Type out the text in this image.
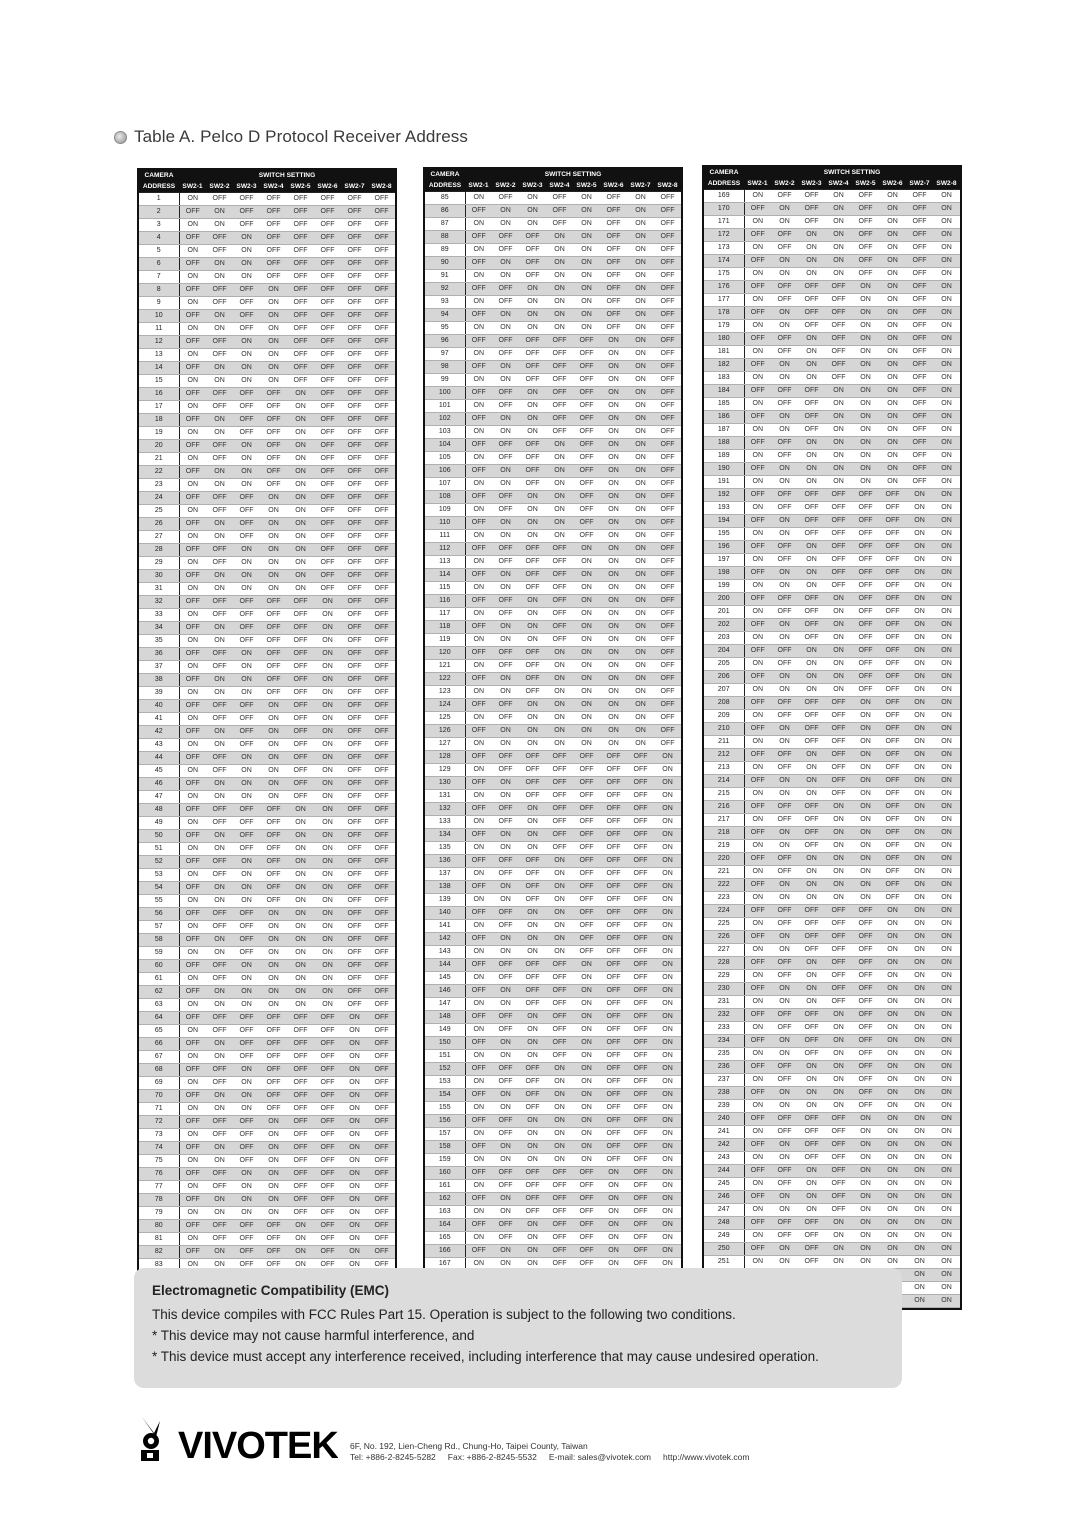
Table A. Pelco D Protocol Receiver Address
CAMERA	SWITCH SETTING							
ADDRESS	SW2-1	SW2-2	SW2-3	SW2-4	SW2-5	SW2-6	SW2-7	SW2-8
1	ON	OFF	OFF	OFF	OFF	OFF	OFF	OFF
2	OFF	ON	OFF	OFF	OFF	OFF	OFF	OFF
3	ON	ON	OFF	OFF	OFF	OFF	OFF	OFF
4	OFF	OFF	ON	OFF	OFF	OFF	OFF	OFF
5	ON	OFF	ON	OFF	OFF	OFF	OFF	OFF
6	OFF	ON	ON	OFF	OFF	OFF	OFF	OFF
7	ON	ON	ON	OFF	OFF	OFF	OFF	OFF
8	OFF	OFF	OFF	ON	OFF	OFF	OFF	OFF
9	ON	OFF	OFF	ON	OFF	OFF	OFF	OFF
10	OFF	ON	OFF	ON	OFF	OFF	OFF	OFF
11	ON	ON	OFF	ON	OFF	OFF	OFF	OFF
12	OFF	OFF	ON	ON	OFF	OFF	OFF	OFF
13	ON	OFF	ON	ON	OFF	OFF	OFF	OFF
14	OFF	ON	ON	ON	OFF	OFF	OFF	OFF
15	ON	ON	ON	ON	OFF	OFF	OFF	OFF
16	OFF	OFF	OFF	OFF	ON	OFF	OFF	OFF
17	ON	OFF	OFF	OFF	ON	OFF	OFF	OFF
18	OFF	ON	OFF	OFF	ON	OFF	OFF	OFF
19	ON	ON	OFF	OFF	ON	OFF	OFF	OFF
20	OFF	OFF	ON	OFF	ON	OFF	OFF	OFF
21	ON	OFF	ON	OFF	ON	OFF	OFF	OFF
22	OFF	ON	ON	OFF	ON	OFF	OFF	OFF
23	ON	ON	ON	OFF	ON	OFF	OFF	OFF
24	OFF	OFF	OFF	ON	ON	OFF	OFF	OFF
25	ON	OFF	OFF	ON	ON	OFF	OFF	OFF
26	OFF	ON	OFF	ON	ON	OFF	OFF	OFF
27	ON	ON	OFF	ON	ON	OFF	OFF	OFF
28	OFF	OFF	ON	ON	ON	OFF	OFF	OFF
29	ON	OFF	ON	ON	ON	OFF	OFF	OFF
30	OFF	ON	ON	ON	ON	OFF	OFF	OFF
31	ON	ON	ON	ON	ON	OFF	OFF	OFF
32	OFF	OFF	OFF	OFF	OFF	ON	OFF	OFF
33	ON	OFF	OFF	OFF	OFF	ON	OFF	OFF
34	OFF	ON	OFF	OFF	OFF	ON	OFF	OFF
35	ON	ON	OFF	OFF	OFF	ON	OFF	OFF
36	OFF	OFF	ON	OFF	OFF	ON	OFF	OFF
37	ON	OFF	ON	OFF	OFF	ON	OFF	OFF
38	OFF	ON	ON	OFF	OFF	ON	OFF	OFF
39	ON	ON	ON	OFF	OFF	ON	OFF	OFF
40	OFF	OFF	OFF	ON	OFF	ON	OFF	OFF
41	ON	OFF	OFF	ON	OFF	ON	OFF	OFF
42	OFF	ON	OFF	ON	OFF	ON	OFF	OFF
43	ON	ON	OFF	ON	OFF	ON	OFF	OFF
44	OFF	OFF	ON	ON	OFF	ON	OFF	OFF
45	ON	OFF	ON	ON	OFF	ON	OFF	OFF
46	OFF	ON	ON	ON	OFF	ON	OFF	OFF
47	ON	ON	ON	ON	OFF	ON	OFF	OFF
48	OFF	OFF	OFF	OFF	ON	ON	OFF	OFF
49	ON	OFF	OFF	OFF	ON	ON	OFF	OFF
50	OFF	ON	OFF	OFF	ON	ON	OFF	OFF
51	ON	ON	OFF	OFF	ON	ON	OFF	OFF
52	OFF	OFF	ON	OFF	ON	ON	OFF	OFF
53	ON	OFF	ON	OFF	ON	ON	OFF	OFF
54	OFF	ON	ON	OFF	ON	ON	OFF	OFF
55	ON	ON	ON	OFF	ON	ON	OFF	OFF
56	OFF	OFF	OFF	ON	ON	ON	OFF	OFF
57	ON	OFF	OFF	ON	ON	ON	OFF	OFF
58	OFF	ON	OFF	ON	ON	ON	OFF	OFF
59	ON	ON	OFF	ON	ON	ON	OFF	OFF
60	OFF	OFF	ON	ON	ON	ON	OFF	OFF
61	ON	OFF	ON	ON	ON	ON	OFF	OFF
62	OFF	ON	ON	ON	ON	ON	OFF	OFF
63	ON	ON	ON	ON	ON	ON	OFF	OFF
64	OFF	OFF	OFF	OFF	OFF	OFF	ON	OFF
65	ON	OFF	OFF	OFF	OFF	OFF	ON	OFF
66	OFF	ON	OFF	OFF	OFF	OFF	ON	OFF
67	ON	ON	OFF	OFF	OFF	OFF	ON	OFF
68	OFF	OFF	ON	OFF	OFF	OFF	ON	OFF
69	ON	OFF	ON	OFF	OFF	OFF	ON	OFF
70	OFF	ON	ON	OFF	OFF	OFF	ON	OFF
71	ON	ON	ON	OFF	OFF	OFF	ON	OFF
72	OFF	OFF	OFF	ON	OFF	OFF	ON	OFF
73	ON	OFF	OFF	ON	OFF	OFF	ON	OFF
74	OFF	ON	OFF	ON	OFF	OFF	ON	OFF
75	ON	ON	OFF	ON	OFF	OFF	ON	OFF
76	OFF	OFF	ON	ON	OFF	OFF	ON	OFF
77	ON	OFF	ON	ON	OFF	OFF	ON	OFF
78	OFF	ON	ON	ON	OFF	OFF	ON	OFF
79	ON	ON	ON	ON	OFF	OFF	ON	OFF
80	OFF	OFF	OFF	OFF	ON	OFF	ON	OFF
81	ON	OFF	OFF	OFF	ON	OFF	ON	OFF
82	OFF	ON	OFF	OFF	ON	OFF	ON	OFF
83	ON	ON	OFF	OFF	ON	OFF	ON	OFF

CAMERA	SWITCH SETTING							
ADDRESS	SW2-1	SW2-2	SW2-3	SW2-4	SW2-5	SW2-6	SW2-7	SW2-8
85	ON	OFF	ON	OFF	ON	OFF	ON	OFF
86	OFF	ON	ON	OFF	ON	OFF	ON	OFF
87	ON	ON	ON	OFF	ON	OFF	ON	OFF
88	OFF	OFF	OFF	ON	ON	OFF	ON	OFF
89	ON	OFF	OFF	ON	ON	OFF	ON	OFF
90	OFF	ON	OFF	ON	ON	OFF	ON	OFF
91	ON	ON	OFF	ON	ON	OFF	ON	OFF
92	OFF	OFF	ON	ON	ON	OFF	ON	OFF
93	ON	OFF	ON	ON	ON	OFF	ON	OFF
94	OFF	ON	ON	ON	ON	OFF	ON	OFF
95	ON	ON	ON	ON	ON	OFF	ON	OFF
96	OFF	OFF	OFF	OFF	OFF	ON	ON	OFF
97	ON	OFF	OFF	OFF	OFF	ON	ON	OFF
98	OFF	ON	OFF	OFF	OFF	ON	ON	OFF
99	ON	ON	OFF	OFF	OFF	ON	ON	OFF
100	OFF	OFF	ON	OFF	OFF	ON	ON	OFF
101	ON	OFF	ON	OFF	OFF	ON	ON	OFF
102	OFF	ON	ON	OFF	OFF	ON	ON	OFF
103	ON	ON	ON	OFF	OFF	ON	ON	OFF
104	OFF	OFF	OFF	ON	OFF	ON	ON	OFF
105	ON	OFF	OFF	ON	OFF	ON	ON	OFF
106	OFF	ON	OFF	ON	OFF	ON	ON	OFF
107	ON	ON	OFF	ON	OFF	ON	ON	OFF
108	OFF	OFF	ON	ON	OFF	ON	ON	OFF
109	ON	OFF	ON	ON	OFF	ON	ON	OFF
110	OFF	ON	ON	ON	OFF	ON	ON	OFF
111	ON	ON	ON	ON	OFF	ON	ON	OFF
112	OFF	OFF	OFF	OFF	ON	ON	ON	OFF
113	ON	OFF	OFF	OFF	ON	ON	ON	OFF
114	OFF	ON	OFF	OFF	ON	ON	ON	OFF
115	ON	ON	OFF	OFF	ON	ON	ON	OFF
116	OFF	OFF	ON	OFF	ON	ON	ON	OFF
117	ON	OFF	ON	OFF	ON	ON	ON	OFF
118	OFF	ON	ON	OFF	ON	ON	ON	OFF
119	ON	ON	ON	OFF	ON	ON	ON	OFF
120	OFF	OFF	OFF	ON	ON	ON	ON	OFF
121	ON	OFF	OFF	ON	ON	ON	ON	OFF
122	OFF	ON	OFF	ON	ON	ON	ON	OFF
123	ON	ON	OFF	ON	ON	ON	ON	OFF
124	OFF	OFF	ON	ON	ON	ON	ON	OFF
125	ON	OFF	ON	ON	ON	ON	ON	OFF
126	OFF	ON	ON	ON	ON	ON	ON	OFF
127	ON	ON	ON	ON	ON	ON	ON	OFF
128	OFF	OFF	OFF	OFF	OFF	OFF	OFF	ON
129	ON	OFF	OFF	OFF	OFF	OFF	OFF	ON
130	OFF	ON	OFF	OFF	OFF	OFF	OFF	ON
131	ON	ON	OFF	OFF	OFF	OFF	OFF	ON
132	OFF	OFF	ON	OFF	OFF	OFF	OFF	ON
133	ON	OFF	ON	OFF	OFF	OFF	OFF	ON
134	OFF	ON	ON	OFF	OFF	OFF	OFF	ON
135	ON	ON	ON	OFF	OFF	OFF	OFF	ON
136	OFF	OFF	OFF	ON	OFF	OFF	OFF	ON
137	ON	OFF	OFF	ON	OFF	OFF	OFF	ON
138	OFF	ON	OFF	ON	OFF	OFF	OFF	ON
139	ON	ON	OFF	ON	OFF	OFF	OFF	ON
140	OFF	OFF	ON	ON	OFF	OFF	OFF	ON
141	ON	OFF	ON	ON	OFF	OFF	OFF	ON
142	OFF	ON	ON	ON	OFF	OFF	OFF	ON
143	ON	ON	ON	ON	OFF	OFF	OFF	ON
144	OFF	OFF	OFF	OFF	ON	OFF	OFF	ON
145	ON	OFF	OFF	OFF	ON	OFF	OFF	ON
146	OFF	ON	OFF	OFF	ON	OFF	OFF	ON
147	ON	ON	OFF	OFF	ON	OFF	OFF	ON
148	OFF	OFF	ON	OFF	ON	OFF	OFF	ON
149	ON	OFF	ON	OFF	ON	OFF	OFF	ON
150	OFF	ON	ON	OFF	ON	OFF	OFF	ON
151	ON	ON	ON	OFF	ON	OFF	OFF	ON
152	OFF	OFF	OFF	ON	ON	OFF	OFF	ON
153	ON	OFF	OFF	ON	ON	OFF	OFF	ON
154	OFF	ON	OFF	ON	ON	OFF	OFF	ON
155	ON	ON	OFF	ON	ON	OFF	OFF	ON
156	OFF	OFF	ON	ON	ON	OFF	OFF	ON
157	ON	OFF	ON	ON	ON	OFF	OFF	ON
158	OFF	ON	ON	ON	ON	OFF	OFF	ON
159	ON	ON	ON	ON	ON	OFF	OFF	ON
160	OFF	OFF	OFF	OFF	OFF	ON	OFF	ON
161	ON	OFF	OFF	OFF	OFF	ON	OFF	ON
162	OFF	ON	OFF	OFF	OFF	ON	OFF	ON
163	ON	ON	OFF	OFF	OFF	ON	OFF	ON
164	OFF	OFF	ON	OFF	OFF	ON	OFF	ON
165	ON	OFF	ON	OFF	OFF	ON	OFF	ON
166	OFF	ON	ON	OFF	OFF	ON	OFF	ON
167	ON	ON	ON	OFF	OFF	ON	OFF	ON

CAMERA	SWITCH SETTING							
ADDRESS	SW2-1	SW2-2	SW2-3	SW2-4	SW2-5	SW2-6	SW2-7	SW2-8
169	ON	OFF	OFF	ON	OFF	ON	OFF	ON
170	OFF	ON	OFF	ON	OFF	ON	OFF	ON
171	ON	ON	OFF	ON	OFF	ON	OFF	ON
172	OFF	OFF	ON	ON	OFF	ON	OFF	ON
173	ON	OFF	ON	ON	OFF	ON	OFF	ON
174	OFF	ON	ON	ON	OFF	ON	OFF	ON
175	ON	ON	ON	ON	OFF	ON	OFF	ON
176	OFF	OFF	OFF	OFF	ON	ON	OFF	ON
177	ON	OFF	OFF	OFF	ON	ON	OFF	ON
178	OFF	ON	OFF	OFF	ON	ON	OFF	ON
179	ON	ON	OFF	OFF	ON	ON	OFF	ON
180	OFF	OFF	ON	OFF	ON	ON	OFF	ON
181	ON	OFF	ON	OFF	ON	ON	OFF	ON
182	OFF	ON	ON	OFF	ON	ON	OFF	ON
183	ON	ON	ON	OFF	ON	ON	OFF	ON
184	OFF	OFF	OFF	ON	ON	ON	OFF	ON
185	ON	OFF	OFF	ON	ON	ON	OFF	ON
186	OFF	ON	OFF	ON	ON	ON	OFF	ON
187	ON	ON	OFF	ON	ON	ON	OFF	ON
188	OFF	OFF	ON	ON	ON	ON	OFF	ON
189	ON	OFF	ON	ON	ON	ON	OFF	ON
190	OFF	ON	ON	ON	ON	ON	OFF	ON
191	ON	ON	ON	ON	ON	ON	OFF	ON
192	OFF	OFF	OFF	OFF	OFF	OFF	ON	ON
193	ON	OFF	OFF	OFF	OFF	OFF	ON	ON
194	OFF	ON	OFF	OFF	OFF	OFF	ON	ON
195	ON	ON	OFF	OFF	OFF	OFF	ON	ON
196	OFF	OFF	ON	OFF	OFF	OFF	ON	ON
197	ON	OFF	ON	OFF	OFF	OFF	ON	ON
198	OFF	ON	ON	OFF	OFF	OFF	ON	ON
199	ON	ON	ON	OFF	OFF	OFF	ON	ON
200	OFF	OFF	OFF	ON	OFF	OFF	ON	ON
201	ON	OFF	OFF	ON	OFF	OFF	ON	ON
202	OFF	ON	OFF	ON	OFF	OFF	ON	ON
203	ON	ON	OFF	ON	OFF	OFF	ON	ON
204	OFF	OFF	ON	ON	OFF	OFF	ON	ON
205	ON	OFF	ON	ON	OFF	OFF	ON	ON
206	OFF	ON	ON	ON	OFF	OFF	ON	ON
207	ON	ON	ON	ON	OFF	OFF	ON	ON
208	OFF	OFF	OFF	OFF	ON	OFF	ON	ON
209	ON	OFF	OFF	OFF	ON	OFF	ON	ON
210	OFF	ON	OFF	OFF	ON	OFF	ON	ON
211	ON	ON	OFF	OFF	ON	OFF	ON	ON
212	OFF	OFF	ON	OFF	ON	OFF	ON	ON
213	ON	OFF	ON	OFF	ON	OFF	ON	ON
214	OFF	ON	ON	OFF	ON	OFF	ON	ON
215	ON	ON	ON	OFF	ON	OFF	ON	ON
216	OFF	OFF	OFF	ON	ON	OFF	ON	ON
217	ON	OFF	OFF	ON	ON	OFF	ON	ON
218	OFF	ON	OFF	ON	ON	OFF	ON	ON
219	ON	ON	OFF	ON	ON	OFF	ON	ON
220	OFF	OFF	ON	ON	ON	OFF	ON	ON
221	ON	OFF	ON	ON	ON	OFF	ON	ON
222	OFF	ON	ON	ON	ON	OFF	ON	ON
223	ON	ON	ON	ON	ON	OFF	ON	ON
224	OFF	OFF	OFF	OFF	OFF	ON	ON	ON
225	ON	OFF	OFF	OFF	OFF	ON	ON	ON
226	OFF	ON	OFF	OFF	OFF	ON	ON	ON
227	ON	ON	OFF	OFF	OFF	ON	ON	ON
228	OFF	OFF	ON	OFF	OFF	ON	ON	ON
229	ON	OFF	ON	OFF	OFF	ON	ON	ON
230	OFF	ON	ON	OFF	OFF	ON	ON	ON
231	ON	ON	ON	OFF	OFF	ON	ON	ON
232	OFF	OFF	OFF	ON	OFF	ON	ON	ON
233	ON	OFF	OFF	ON	OFF	ON	ON	ON
234	OFF	ON	OFF	ON	OFF	ON	ON	ON
235	ON	ON	OFF	ON	OFF	ON	ON	ON
236	OFF	OFF	ON	ON	OFF	ON	ON	ON
237	ON	OFF	ON	ON	OFF	ON	ON	ON
238	OFF	ON	ON	ON	OFF	ON	ON	ON
239	ON	ON	ON	ON	OFF	ON	ON	ON
240	OFF	OFF	OFF	OFF	ON	ON	ON	ON
241	ON	OFF	OFF	OFF	ON	ON	ON	ON
242	OFF	ON	OFF	OFF	ON	ON	ON	ON
243	ON	ON	OFF	OFF	ON	ON	ON	ON
244	OFF	OFF	ON	OFF	ON	ON	ON	ON
245	ON	OFF	ON	OFF	ON	ON	ON	ON
246	OFF	ON	ON	OFF	ON	ON	ON	ON
247	ON	ON	ON	OFF	ON	ON	ON	ON
248	OFF	OFF	OFF	ON	ON	ON	ON	ON
249	ON	OFF	OFF	ON	ON	ON	ON	ON
250	OFF	ON	OFF	ON	ON	ON	ON	ON
251	ON	ON	OFF	ON	ON	ON	ON	ON
							ON	ON
							ON	ON
							ON	ON
Electromagnetic Compatibility (EMC)
This device compiles with FCC Rules Part 15. Operation is subject to the following two conditions.
* This device may not cause harmful interference, and
* This device must accept any interference received, including interference that may cause undesired operation.
VIVOTEK 6F, No. 192, Lien-Cheng Rd., Chung-Ho, Taipei County, Taiwan
Tel: +886-2-8245-5282 Fax: +886-2-8245-5532 E-mail: sales@vivotek.com http://www.vivotek.com
